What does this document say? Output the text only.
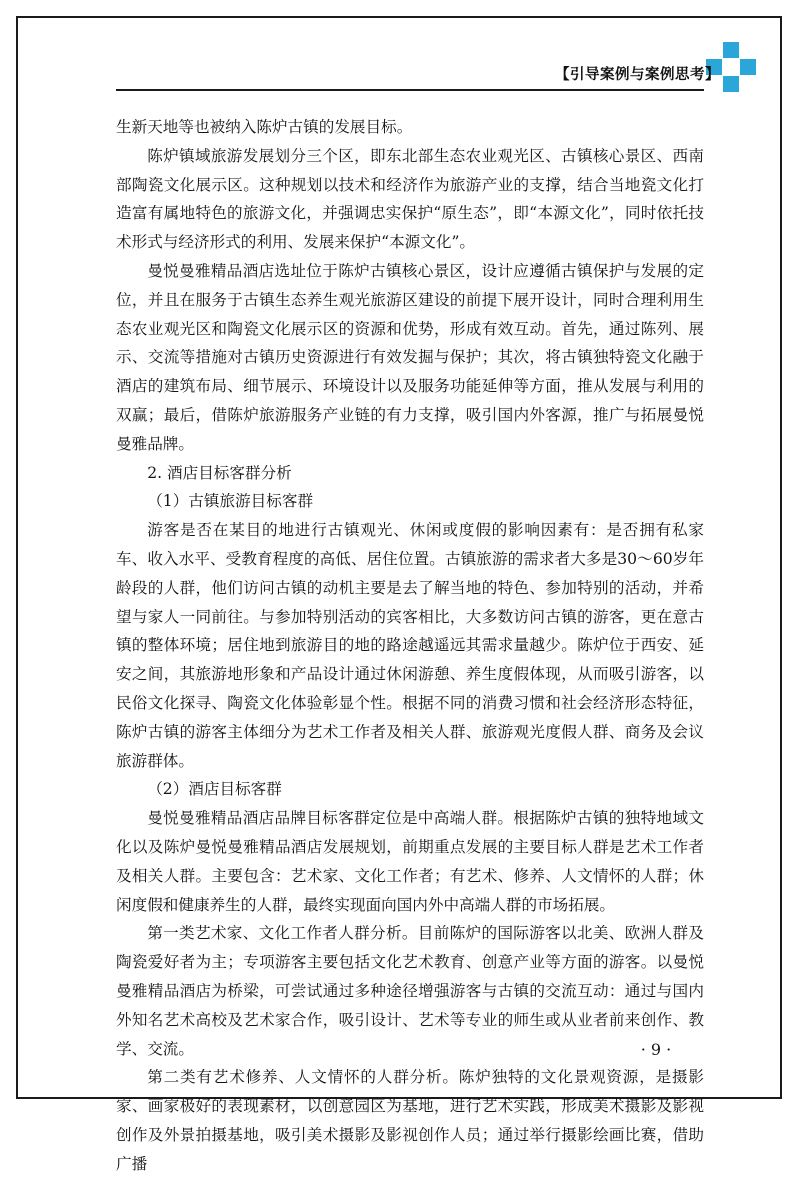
【引导案例与案例思考】

生新天地等也被纳入陈炉古镇的发展目标。

陈炉镇域旅游发展划分三个区，即东北部生态农业观光区、古镇核心景区、西南部陶瓷文化展示区。这种规划以技术和经济作为旅游产业的支撑，结合当地瓷文化打造富有属地特色的旅游文化，并强调忠实保护“原生态”，即“本源文化”，同时依托技术形式与经济形式的利用、发展来保护“本源文化”。

曼悦曼雅精品酒店选址位于陈炉古镇核心景区，设计应遵循古镇保护与发展的定位，并且在服务于古镇生态养生观光旅游区建设的前提下展开设计，同时合理利用生态农业观光区和陶瓷文化展示区的资源和优势，形成有效互动。首先，通过陈列、展示、交流等措施对古镇历史资源进行有效发掘与保护；其次，将古镇独特瓷文化融于酒店的建筑布局、细节展示、环境设计以及服务功能延伸等方面，推从发展与利用的双赢；最后，借陈炉旅游服务产业链的有力支撑，吸引国内外客源，推广与拓展曼悦曼雅品牌。

2. 酒店目标客群分析

（1）古镇旅游目标客群

游客是否在某目的地进行古镇观光、休闲或度假的影响因素有：是否拥有私家车、收入水平、受教育程度的高低、居住位置。古镇旅游的需求者大多是30～60岁年龄段的人群，他们访问古镇的动机主要是去了解当地的特色、参加特别的活动，并希望与家人一同前往。与参加特别活动的宾客相比，大多数访问古镇的游客，更在意古镇的整体环境；居住地到旅游目的地的路途越遥远其需求量越少。陈炉位于西安、延安之间，其旅游地形象和产品设计通过休闲游憩、养生度假体现，从而吸引游客，以民俗文化探寻、陶瓷文化体验彰显个性。根据不同的消费习惯和社会经济形态特征，陈炉古镇的游客主体细分为艺术工作者及相关人群、旅游观光度假人群、商务及会议旅游群体。

（2）酒店目标客群

曼悦曼雅精品酒店品牌目标客群定位是中高端人群。根据陈炉古镇的独特地域文化以及陈炉曼悦曼雅精品酒店发展规划，前期重点发展的主要目标人群是艺术工作者及相关人群。主要包含：艺术家、文化工作者；有艺术、修养、人文情怀的人群；休闲度假和健康养生的人群，最终实现面向国内外中高端人群的市场拓展。

第一类艺术家、文化工作者人群分析。目前陈炉的国际游客以北美、欧洲人群及陶瓷爱好者为主；专项游客主要包括文化艺术教育、创意产业等方面的游客。以曼悦曼雅精品酒店为桥梁，可尝试通过多种途径增强游客与古镇的交流互动：通过与国内外知名艺术高校及艺术家合作，吸引设计、艺术等专业的师生或从业者前来创作、教学、交流。

第二类有艺术修养、人文情怀的人群分析。陈炉独特的文化景观资源，是摄影家、画家极好的表现素材，以创意园区为基地，进行艺术实践，形成美术摄影及影视创作及外景拍摄基地，吸引美术摄影及影视创作人员；通过举行摄影绘画比赛，借助广播

· 9 ·
